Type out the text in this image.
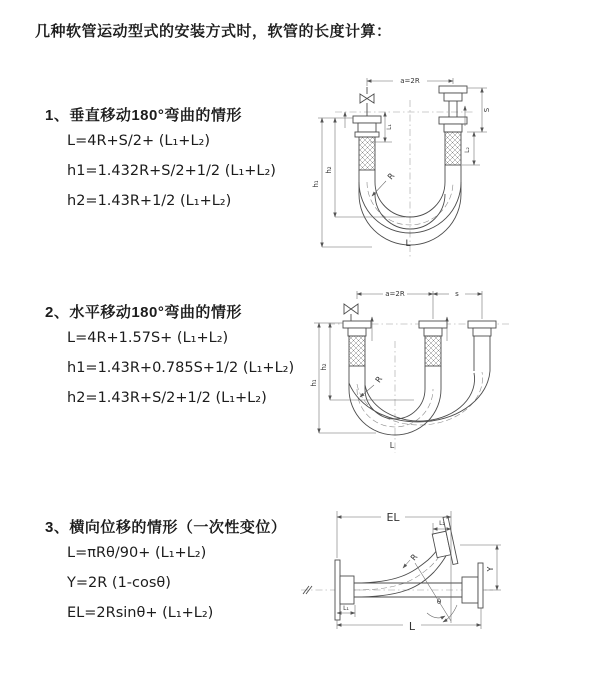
几种软管运动型式的安装方式时，软管的长度计算：
1、垂直移动180°弯曲的情形
L=4R+S/2+ (L₁+L₂)
h1=1.432R+S/2+1/2 (L₁+L₂)
h2=1.43R+1/2 (L₁+L₂)
2、水平移动180°弯曲的情形
L=4R+1.57S+ (L₁+L₂)
h1=1.43R+0.785S+1/2 (L₁+L₂)
h2=1.43R+S/2+1/2 (L₁+L₂)
3、横向位移的情形（一次性变位）
L=πRθ/90+ (L₁+L₂)
Y=2R (1-cosθ)
EL=2Rsinθ+ (L₁+L₂)
a=2R
L₁
h₁
h₂
S
L₂
R
L
a=2R	s
h₁
h₂
R
L
EL	L₂
Y
R
θ
L
L₁
